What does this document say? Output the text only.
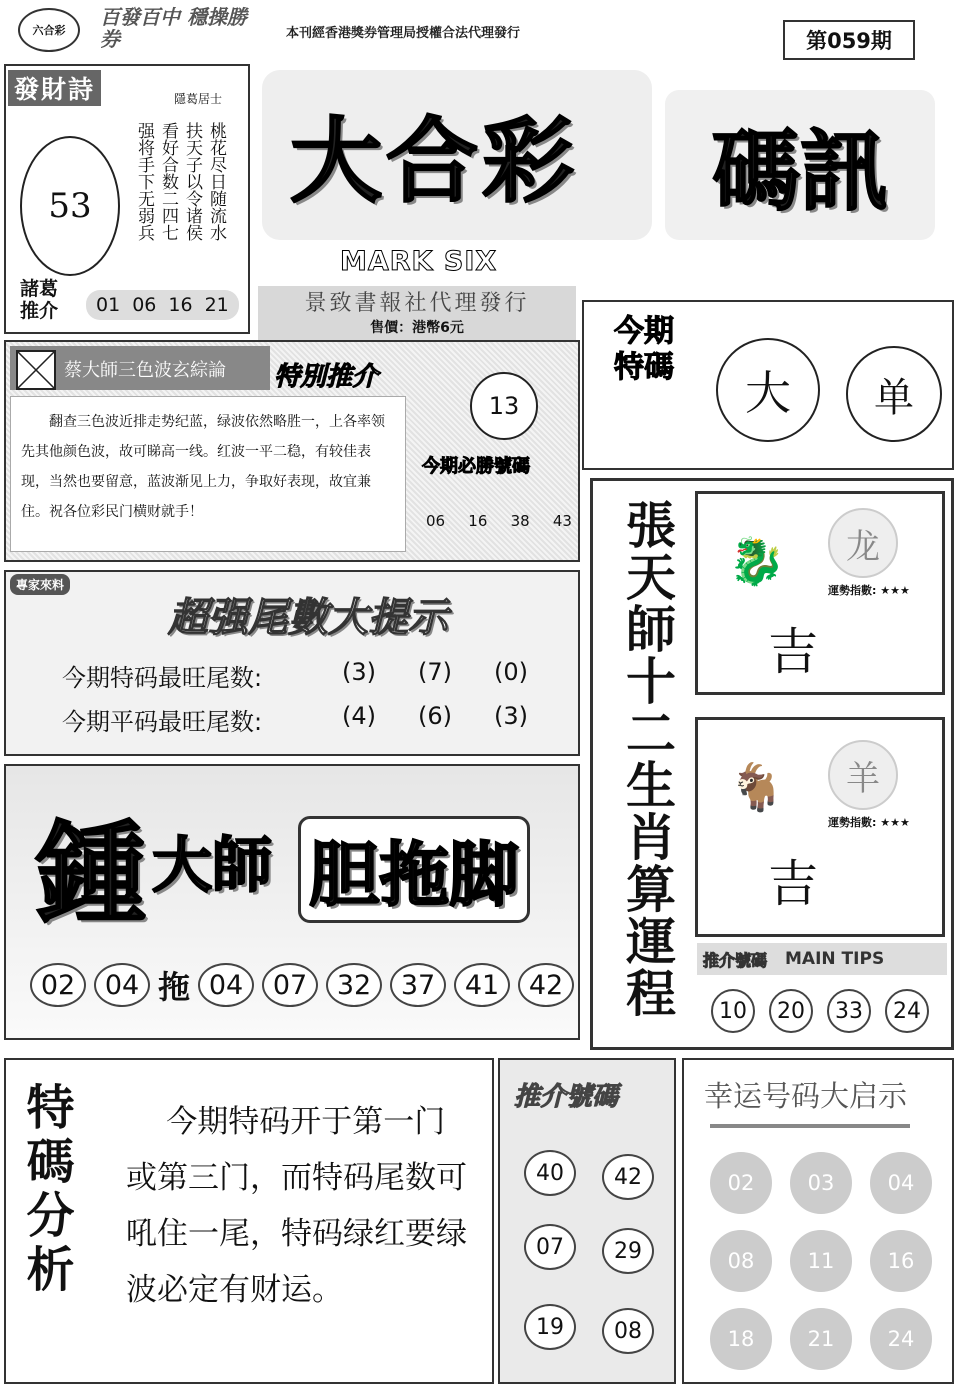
六合彩
百發百中 穩操勝券	本刊經香港獎券管理局授權合法代理發行	第059期
發財詩	隱葛居士
53	桃花尽日随流水
扶天子以令诸侯
看好合数二四七
强将手下无弱兵
諸葛 推介	01 06 16 21
大合彩	碼訊
MARK SIX
景致書報社代理發行
售價：港幣6元	今期特碼 大 单
蔡大師三色波玄綜論 特別推介
翻查三色波近排走势纪蓝，绿波依然略胜一，上各率领先其他颜色波，故可睇高一线。红波一平二稳，有较佳表现，当然也要留意，蓝波渐见上力，争取好表现，故宜兼住。祝各位彩民门横财就手！
13
今期必勝號碼
06 16 38 43
專家來料
超强尾數大提示
今期特码最旺尾数:	(3)	(7)	(0)
今期平码最旺尾数:	(4)	(6)	(3)
鍾 大師 胆拖脚
02	04 拖 04	07	32	37	41	42 張天師十二生肖算運程 🐉 龙
運勢指數: ★★★
吉
🐐 羊
運勢指數: ★★★
吉
推介號碼 MAIN TIPS
10	20	33	24
特碼分析	今期特码开于第一门或第三门，而特码尾数可吼住一尾，特码绿红要绿波必定有财运。
推介號碼
40	42
07	29
19	08
幸运号码大启示
02	03	04
08	11	16
18	21	24
